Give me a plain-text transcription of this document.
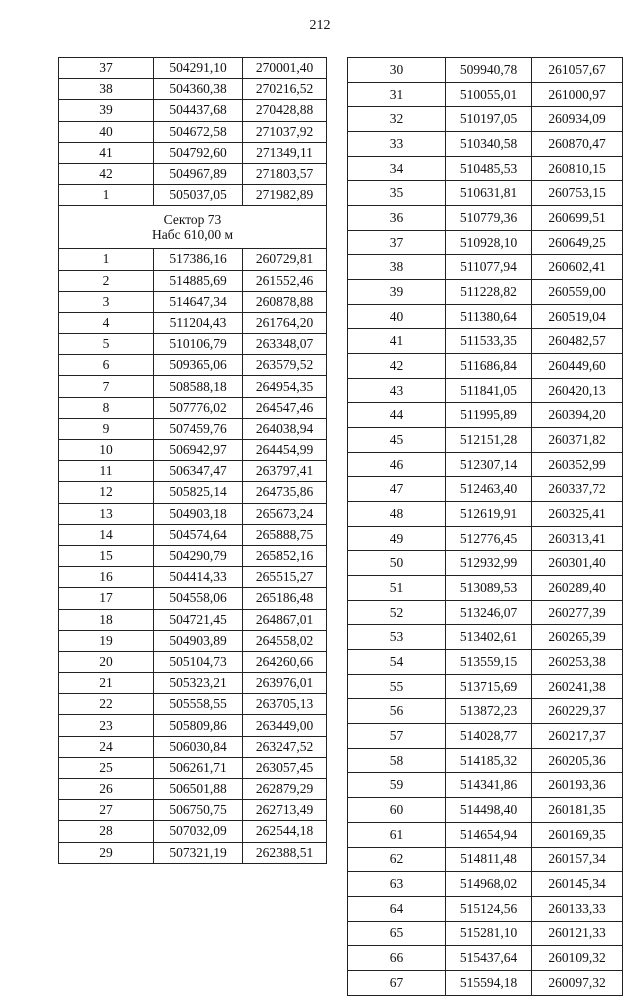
212
37	504291,10	270001,40
38	504360,38	270216,52
39	504437,68	270428,88
40	504672,58	271037,92
41	504792,60	271349,11
42	504967,89	271803,57
1	505037,05	271982,89

Сектор 73
Набс 610,00 м		

1	517386,16	260729,81
2	514885,69	261552,46
3	514647,34	260878,88
4	511204,43	261764,20
5	510106,79	263348,07
6	509365,06	263579,52
7	508588,18	264954,35
8	507776,02	264547,46
9	507459,76	264038,94
10	506942,97	264454,99
11	506347,47	263797,41
12	505825,14	264735,86
13	504903,18	265673,24
14	504574,64	265888,75
15	504290,79	265852,16
16	504414,33	265515,27
17	504558,06	265186,48
18	504721,45	264867,01
19	504903,89	264558,02
20	505104,73	264260,66
21	505323,21	263976,01
22	505558,55	263705,13
23	505809,86	263449,00
24	506030,84	263247,52
25	506261,71	263057,45
26	506501,88	262879,29
27	506750,75	262713,49
28	507032,09	262544,18
29	507321,19	262388,51
30	509940,78	261057,67
31	510055,01	261000,97
32	510197,05	260934,09
33	510340,58	260870,47
34	510485,53	260810,15
35	510631,81	260753,15
36	510779,36	260699,51
37	510928,10	260649,25
38	511077,94	260602,41
39	511228,82	260559,00
40	511380,64	260519,04
41	511533,35	260482,57
42	511686,84	260449,60
43	511841,05	260420,13
44	511995,89	260394,20
45	512151,28	260371,82
46	512307,14	260352,99
47	512463,40	260337,72
48	512619,91	260325,41
49	512776,45	260313,41
50	512932,99	260301,40
51	513089,53	260289,40
52	513246,07	260277,39
53	513402,61	260265,39
54	513559,15	260253,38
55	513715,69	260241,38
56	513872,23	260229,37
57	514028,77	260217,37
58	514185,32	260205,36
59	514341,86	260193,36
60	514498,40	260181,35
61	514654,94	260169,35
62	514811,48	260157,34
63	514968,02	260145,34
64	515124,56	260133,33
65	515281,10	260121,33
66	515437,64	260109,32
67	515594,18	260097,32
